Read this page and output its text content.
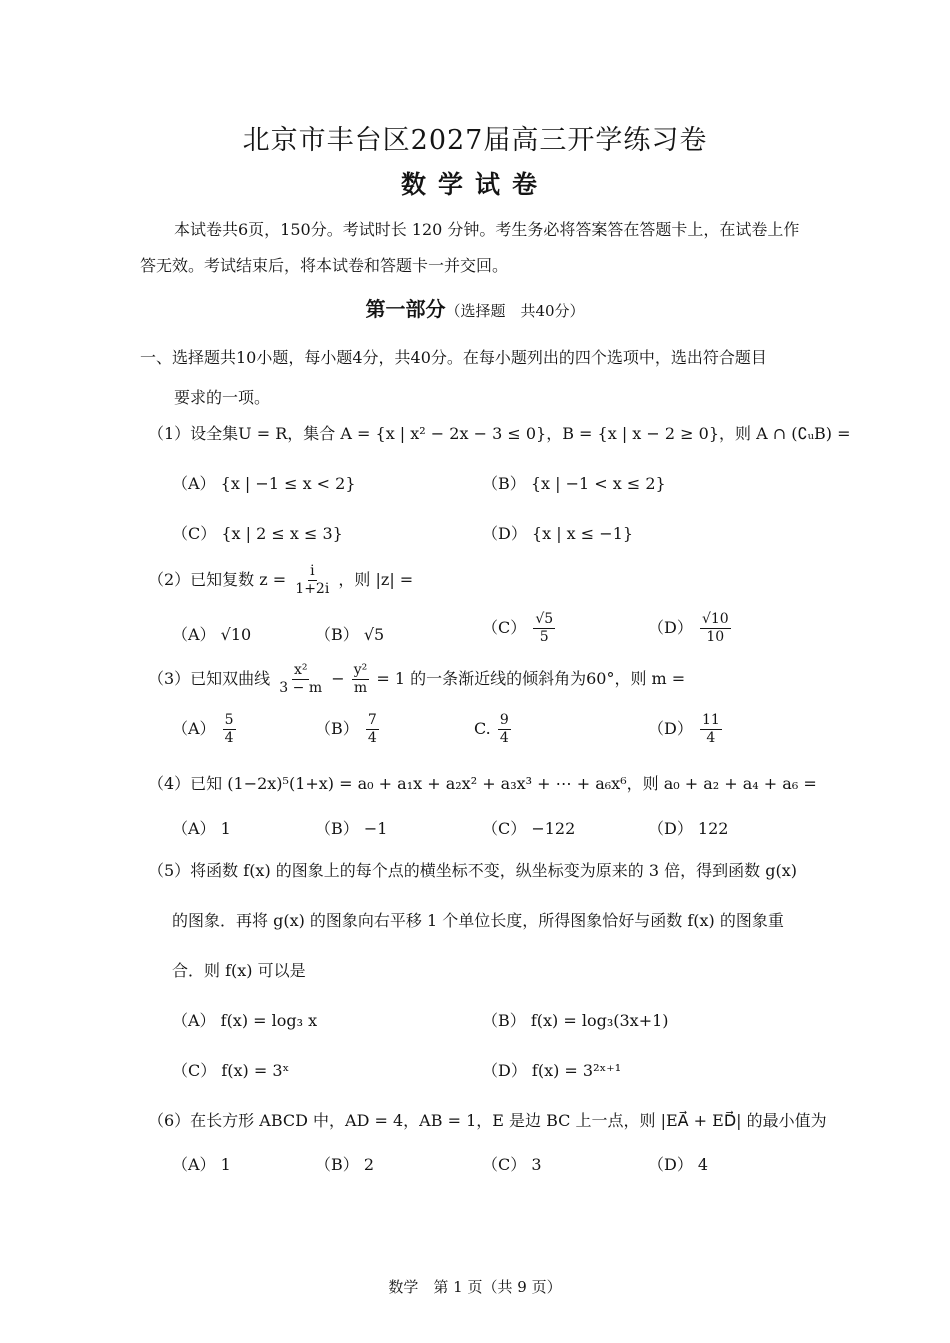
北京市丰台区2027届高三开学练习卷
数学试卷
本试卷共6页，150分。考试时长 120 分钟。考生务必将答案答在答题卡上，在试卷上作答无效。考试结束后，将本试卷和答题卡一并交回。
第一部分（选择题　共40分）
一、选择题共10小题，每小题4分，共40分。在每小题列出的四个选项中，选出符合题目
要求的一项。
（1）设全集U = R，集合 A = {x | x² − 2x − 3 ≤ 0}，B = {x | x − 2 ≥ 0}，则 A ∩ (∁ᵤB) =
（A） {x | −1 ≤ x < 2}	（B） {x | −1 < x ≤ 2}
（C） {x | 2 ≤ x ≤ 3}	（D） {x | x ≤ −1}
（2）已知复数 $z = \frac{i}{1+2i}$ ，则 |z| =
（A） √10	（B） √5	$(C) \frac{√5}{5}$	$(D) \frac{√10}{10}$
（3）已知双曲线 $\frac{\text{x²}}{3 - m} - \frac{\text{y²}}{m} = 1$ 的一条渐近线的倾斜角为60°，则 m =
$(A) \frac{5}{4}$	$(B) \frac{7}{4}$	C. $\frac{9}{4}$	$(D) \frac{11}{4}$
（4）已知 (1−2x)⁵(1+x) = a₀ + a₁x + a₂x² + a₃x³ + ⋯ + a₆x⁶，则 a₀ + a₂ + a₄ + a₆ =
（A） 1	（B） −1	（C） −122	（D） 122
（5）将函数 f(x) 的图象上的每个点的横坐标不变，纵坐标变为原来的 3 倍，得到函数 g(x)
的图象．再将 g(x) 的图象向右平移 1 个单位长度，所得图象恰好与函数 f(x) 的图象重
合．则 f(x) 可以是
（A） f(x) = log₃ x	（B） f(x) = log₃(3x+1)
（C） f(x) = 3ˣ	（D） f(x) = 3²ˣ⁺¹
（6）在长方形 ABCD 中，AD = 4，AB = 1，E 是边 BC 上一点，则 |EA⃗ + ED⃗| 的最小值为
（A） 1	（B） 2	（C） 3	（D） 4
数学　第 1 页（共 9 页）
